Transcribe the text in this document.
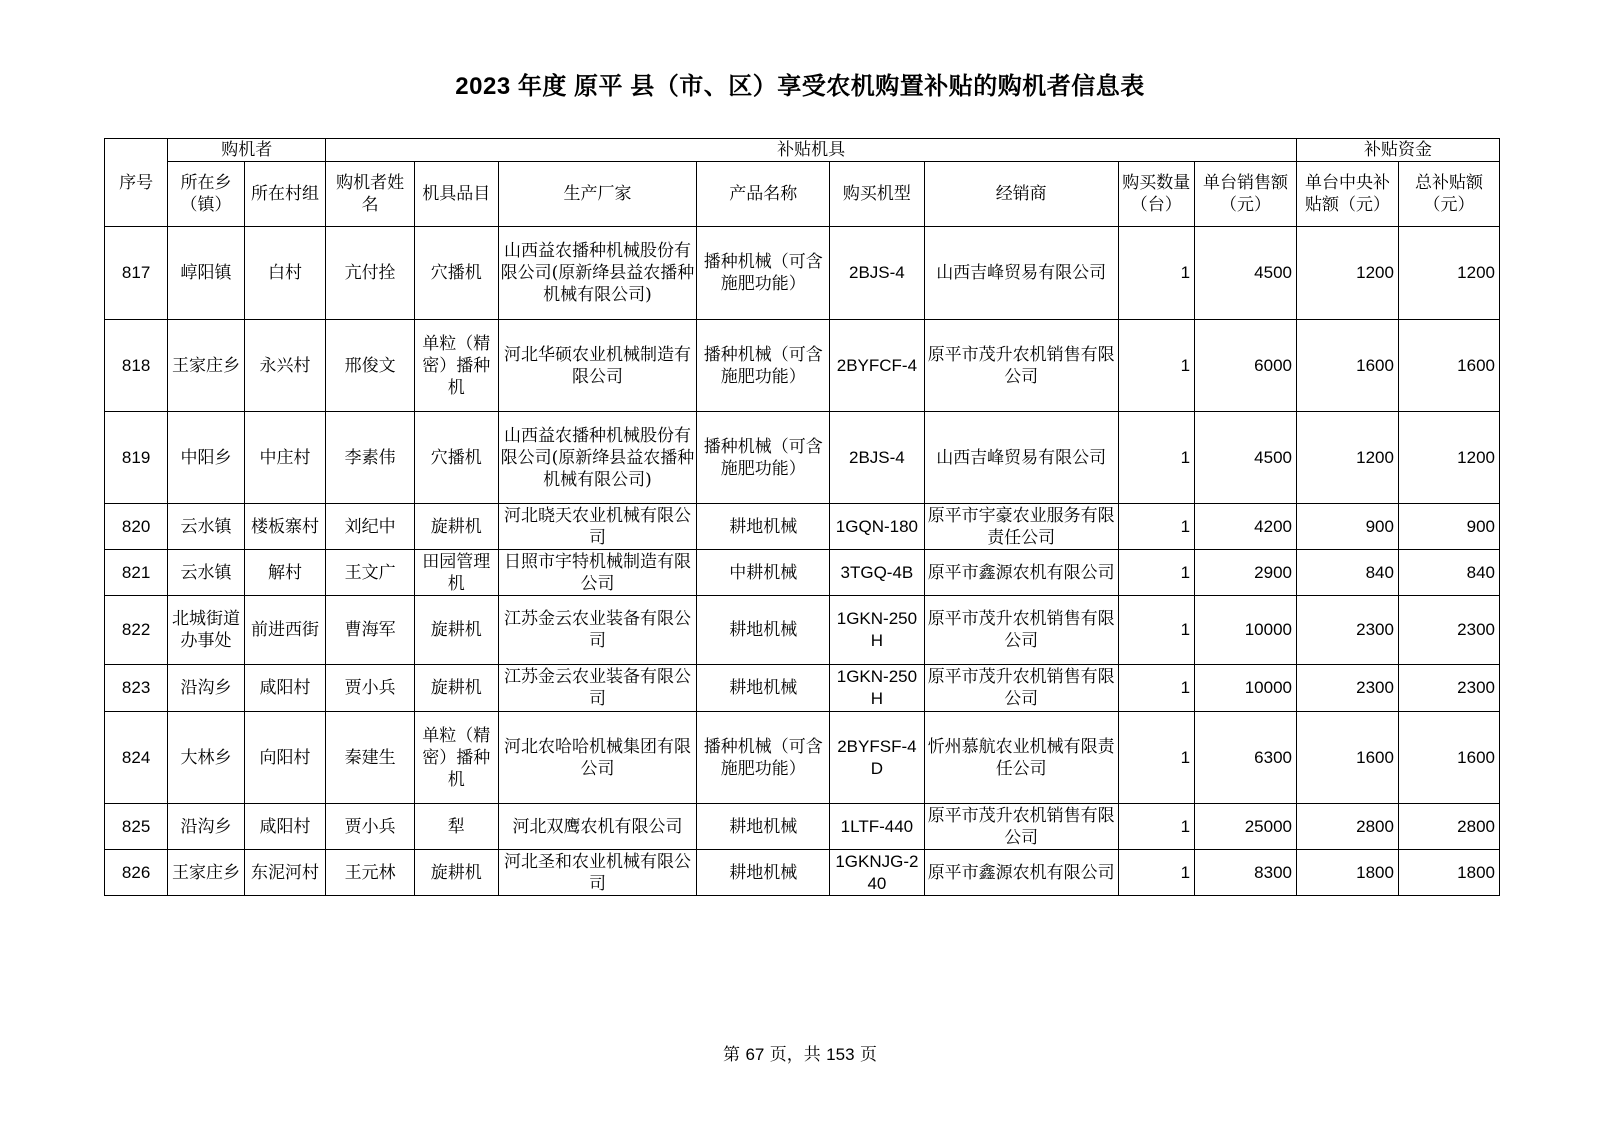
2023 年度 原平 县（市、区）享受农机购置补贴的购机者信息表
序号	购机者		补贴机具								补贴资金	
	所在乡（镇）	所在村组	购机者姓名	机具品目	生产厂家	产品名称	购买机型	经销商	购买数量（台）	单台销售额（元）	单台中央补贴额（元）	总补贴额（元）
817	崞阳镇	白村	亢付拴	穴播机	山西益农播种机械股份有限公司(原新绛县益农播种机械有限公司)	播种机械（可含施肥功能）	2BJS-4	山西吉峰贸易有限公司	1	4500	1200	1200
818	王家庄乡	永兴村	邢俊文	单粒（精密）播种机	河北华硕农业机械制造有限公司	播种机械（可含施肥功能）	2BYFCF-4	原平市茂升农机销售有限公司	1	6000	1600	1600
819	中阳乡	中庄村	李素伟	穴播机	山西益农播种机械股份有限公司(原新绛县益农播种机械有限公司)	播种机械（可含施肥功能）	2BJS-4	山西吉峰贸易有限公司	1	4500	1200	1200
820	云水镇	楼板寨村	刘纪中	旋耕机	河北晓天农业机械有限公司	耕地机械	1GQN-180	原平市宇豪农业服务有限责任公司	1	4200	900	900
821	云水镇	解村	王文广	田园管理机	日照市宇特机械制造有限公司	中耕机械	3TGQ-4B	原平市鑫源农机有限公司	1	2900	840	840
822	北城街道办事处	前进西街	曹海军	旋耕机	江苏金云农业装备有限公司	耕地机械	1GKN-250H	原平市茂升农机销售有限公司	1	10000	2300	2300
823	沿沟乡	咸阳村	贾小兵	旋耕机	江苏金云农业装备有限公司	耕地机械	1GKN-250H	原平市茂升农机销售有限公司	1	10000	2300	2300
824	大林乡	向阳村	秦建生	单粒（精密）播种机	河北农哈哈机械集团有限公司	播种机械（可含施肥功能）	2BYFSF-4D	忻州慕航农业机械有限责任公司	1	6300	1600	1600
825	沿沟乡	咸阳村	贾小兵	犁	河北双鹰农机有限公司	耕地机械	1LTF-440	原平市茂升农机销售有限公司	1	25000	2800	2800
826	王家庄乡	东泥河村	王元林	旋耕机	河北圣和农业机械有限公司	耕地机械	1GKNJG-240	原平市鑫源农机有限公司	1	8300	1800	1800
第 67 页，共 153 页
